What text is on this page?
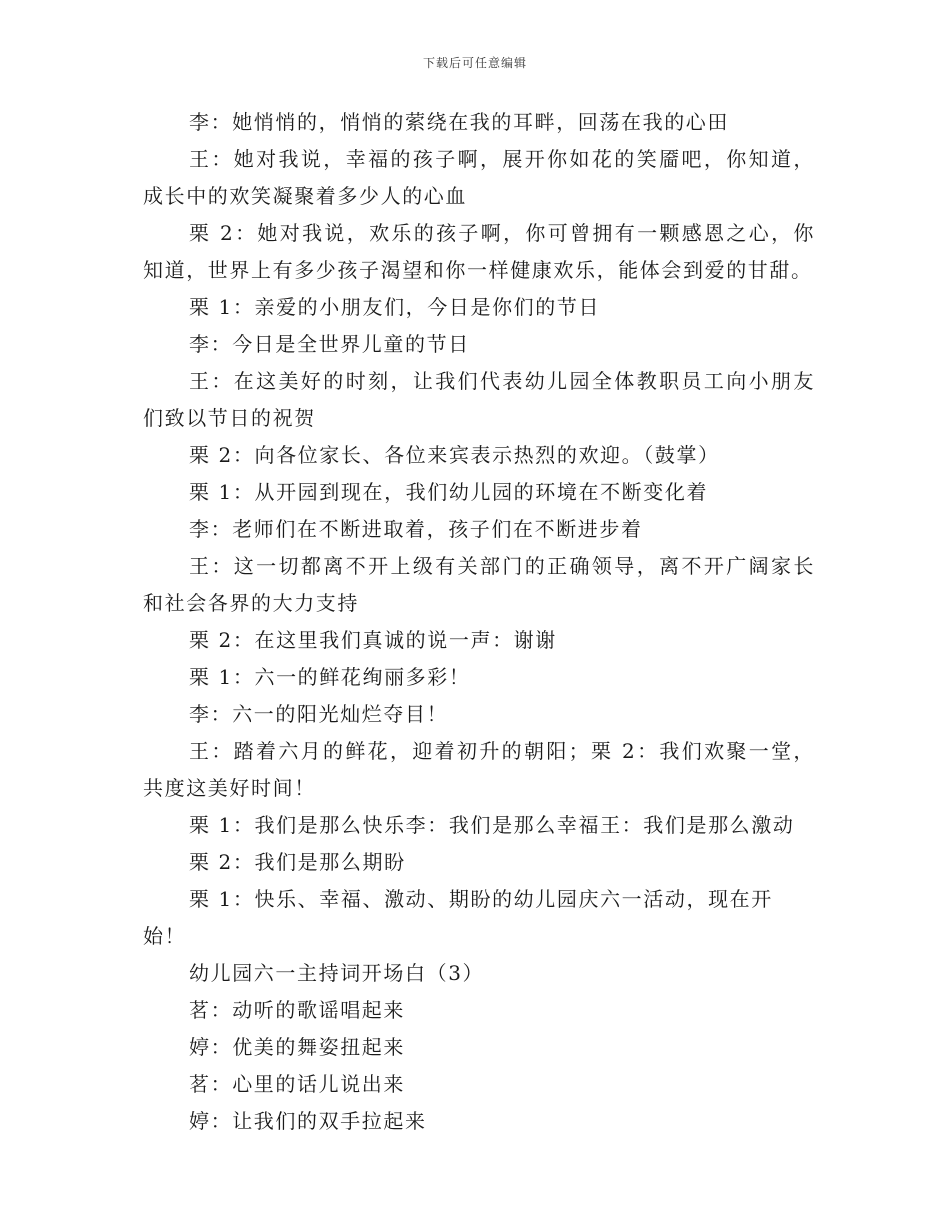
下载后可任意编辑

李：她悄悄的，悄悄的萦绕在我的耳畔，回荡在我的心田

王：她对我说，幸福的孩子啊，展开你如花的笑靥吧，你知道，成长中的欢笑凝聚着多少人的心血

栗 2：她对我说，欢乐的孩子啊，你可曾拥有一颗感恩之心，你知道，世界上有多少孩子渴望和你一样健康欢乐，能体会到爱的甘甜。

栗 1：亲爱的小朋友们，今日是你们的节日

李：今日是全世界儿童的节日

王：在这美好的时刻，让我们代表幼儿园全体教职员工向小朋友们致以节日的祝贺

栗 2：向各位家长、各位来宾表示热烈的欢迎。（鼓掌）

栗 1：从开园到现在，我们幼儿园的环境在不断变化着

李：老师们在不断进取着，孩子们在不断进步着

王：这一切都离不开上级有关部门的正确领导，离不开广阔家长和社会各界的大力支持

栗 2：在这里我们真诚的说一声：谢谢

栗 1：六一的鲜花绚丽多彩！

李：六一的阳光灿烂夺目！

王：踏着六月的鲜花，迎着初升的朝阳；栗 2：我们欢聚一堂，共度这美好时间！

栗 1：我们是那么快乐李：我们是那么幸福王：我们是那么激动

栗 2：我们是那么期盼

栗 1：快乐、幸福、激动、期盼的幼儿园庆六一活动，现在开始！

幼儿园六一主持词开场白（3）

茗：动听的歌谣唱起来

婷：优美的舞姿扭起来

茗：心里的话儿说出来

婷：让我们的双手拉起来
